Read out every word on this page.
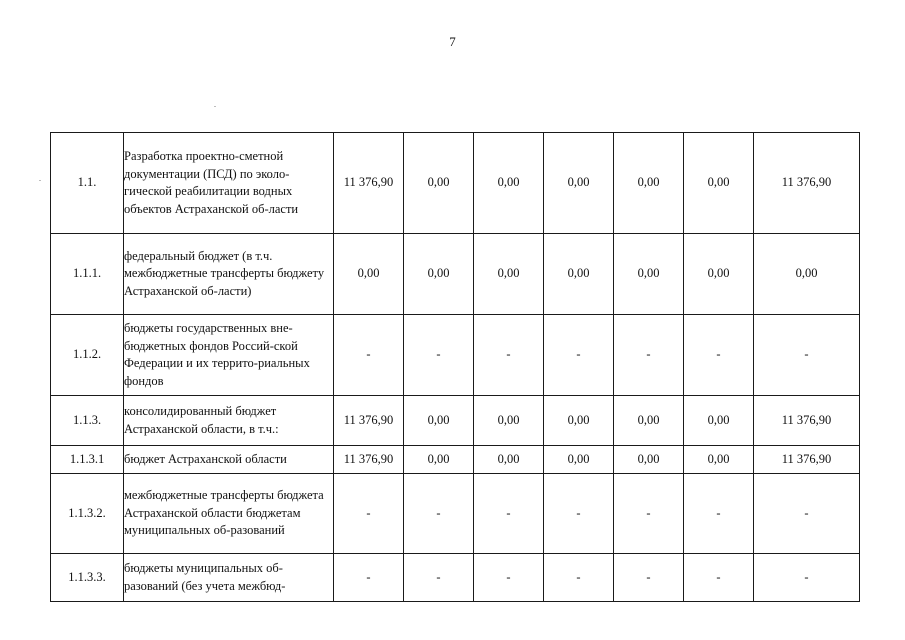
7
1.1.	Разработка проектно-сметной документации (ПСД) по эколо-гической реабилитации водных объектов Астраханской об-ласти	11 376,90	0,00	0,00	0,00	0,00	0,00	11 376,90
1.1.1.	федеральный бюджет (в т.ч. межбюджетные трансферты бюджету Астраханской об-ласти)	0,00	0,00	0,00	0,00	0,00	0,00	0,00
1.1.2.	бюджеты государственных вне-бюджетных фондов Россий-ской Федерации и их террито-риальных фондов	-	-	-	-	-	-	-
1.1.3.	консолидированный бюджет Астраханской области, в т.ч.:	11 376,90	0,00	0,00	0,00	0,00	0,00	11 376,90
1.1.3.1	бюджет Астраханской области	11 376,90	0,00	0,00	0,00	0,00	0,00	11 376,90
1.1.3.2.	межбюджетные трансферты бюджета Астраханской области бюджетам муниципальных об-разований	-	-	-	-	-	-	-
1.1.3.3.	бюджеты муниципальных об-разований (без учета межбюд-	-	-	-	-	-	-	-
